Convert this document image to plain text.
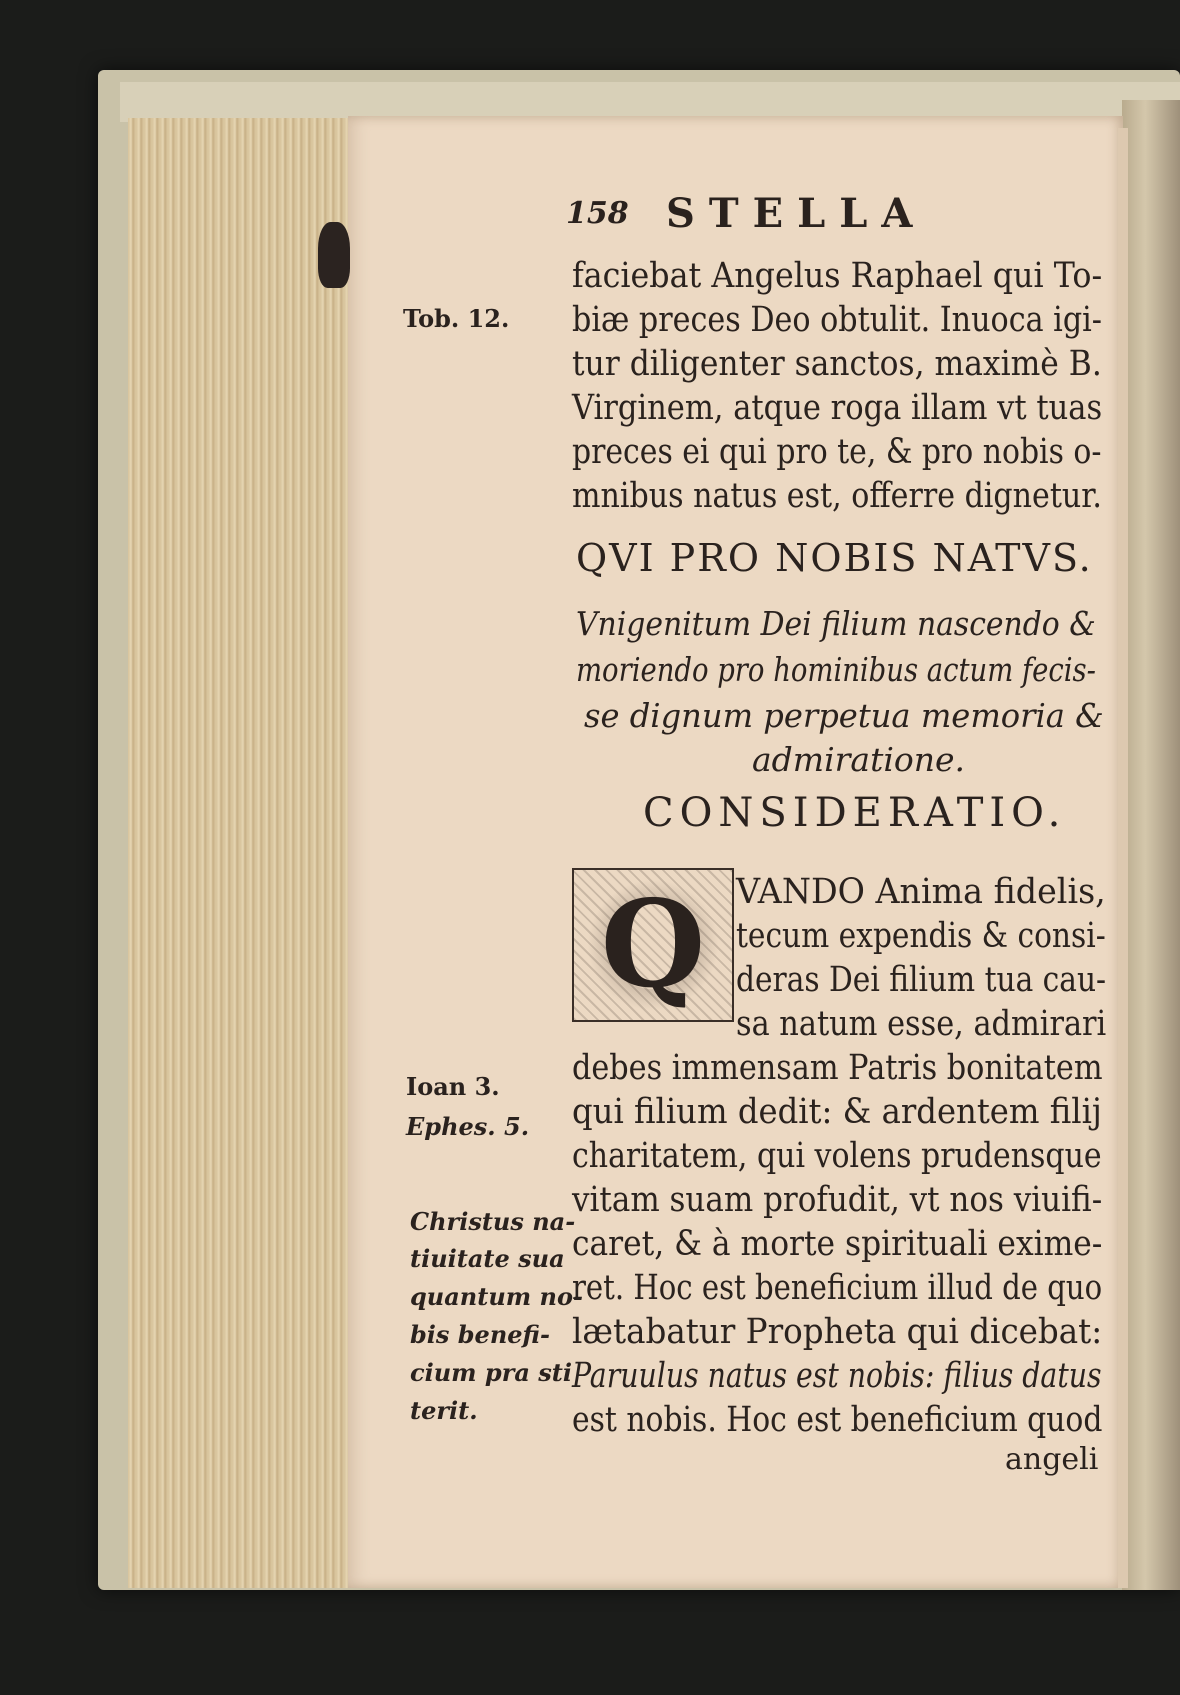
158 STELLA
Tob. 12.
Ioan 3.
Ephes. 5.
Christus na-
tiuitate sua
quantum no-
bis benefi-
cium pra sti
terit.
faciebat Angelus Raphael qui To-
biæ preces Deo obtulit. Inuoca igi-
tur diligenter sanctos, maximè B.
Virginem, atque roga illam vt tuas
preces ei qui pro te, & pro nobis o-
mnibus natus est, offerre dignetur.
QVI PRO NOBIS NATVS.
Vnigenitum Dei filium nascendo &
moriendo pro hominibus actum fecis-
se dignum perpetua memoria &
admiratione.
CONSIDERATIO.
Q VANDO Anima fidelis,
tecum expendis & consi-
deras Dei filium tua cau-
sa natum esse, admirari
debes immensam Patris bonitatem
qui filium dedit: & ardentem filij
charitatem, qui volens prudensque
vitam suam profudit, vt nos viuifi-
caret, & à morte spirituali exime-
ret. Hoc est beneficium illud de quo
lætabatur Propheta qui dicebat:
Paruulus natus est nobis: filius datus
est nobis. Hoc est beneficium quod
angeli
